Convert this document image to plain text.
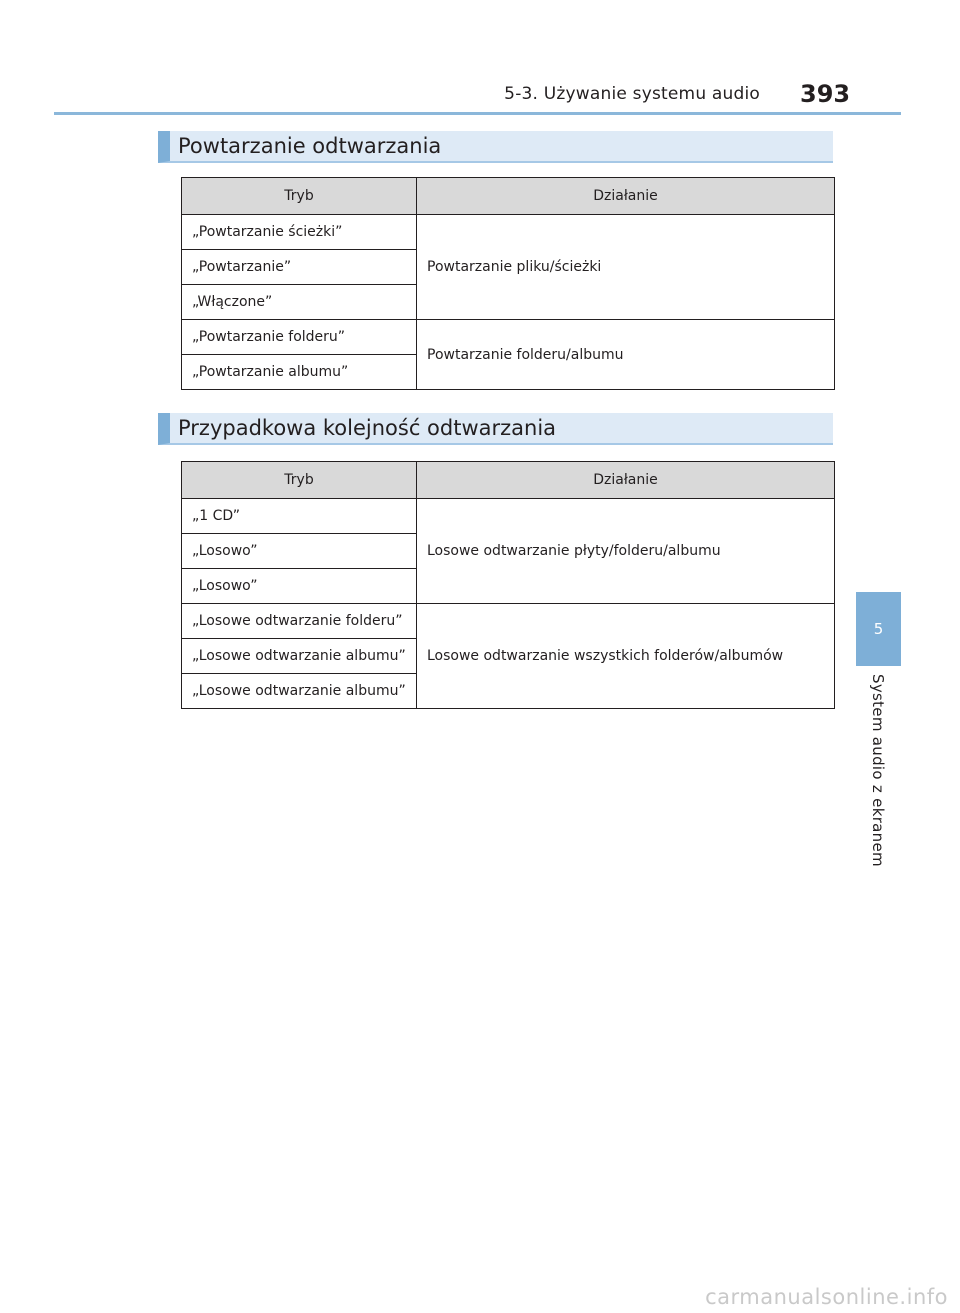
5-3. Używanie systemu audio 393
Powtarzanie odtwarzania
Tryb	Działanie
„Powtarzanie ścieżki”	Powtarzanie pliku/ścieżki
„Powtarzanie”	
„Włączone”	
„Powtarzanie folderu”	Powtarzanie folderu/albumu
„Powtarzanie albumu”	
Przypadkowa kolejność odtwarzania
Tryb	Działanie
„1 CD”	Losowe odtwarzanie płyty/folderu/albumu
„Losowo”	
„Losowo”	
„Losowe odtwarzanie folderu”	Losowe odtwarzanie wszystkich folderów/albumów
„Losowe odtwarzanie albumu”	
„Losowe odtwarzanie albumu”	
5
System audio z ekranem
carmanualsonline.info
